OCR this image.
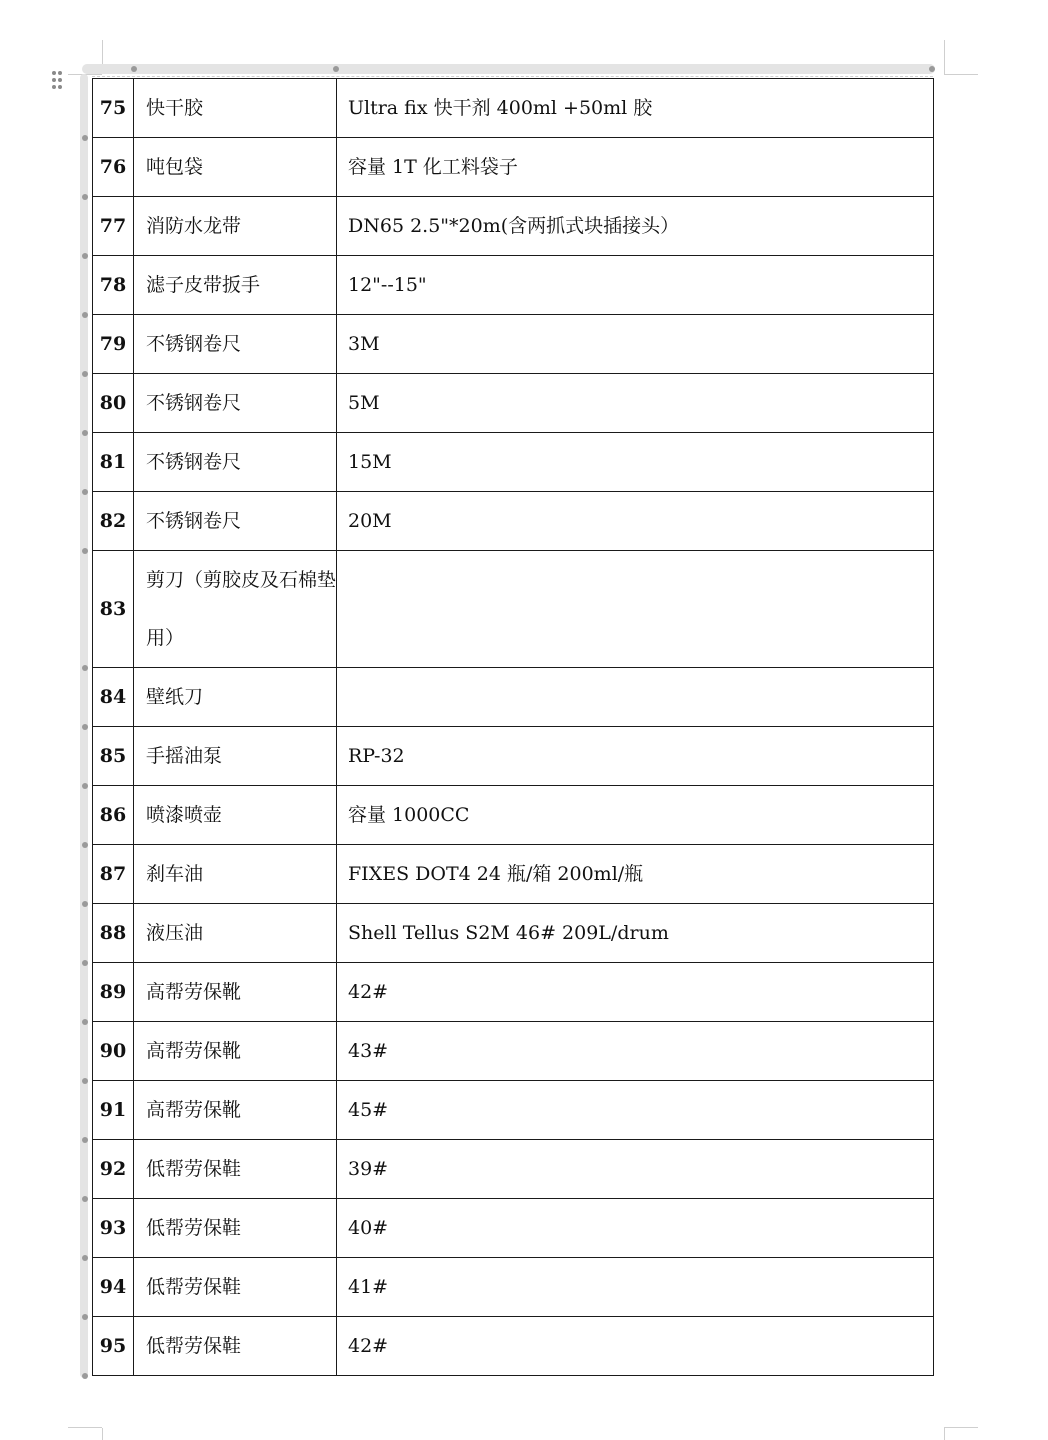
75	快干胶	Ultra fix 快干剂 400ml +50ml 胶
76	吨包袋	容量 1T 化工料袋子
77	消防水龙带	DN65 2.5"*20m(含两抓式块插接头）
78	滤子皮带扳手	12"--15"
79	不锈钢卷尺	3M
80	不锈钢卷尺	5M
81	不锈钢卷尺	15M
82	不锈钢卷尺	20M
83	剪刀（剪胶皮及石棉垫用）	
84	壁纸刀	
85	手摇油泵	RP-32
86	喷漆喷壶	容量 1000CC
87	刹车油	FIXES DOT4 24 瓶/箱 200ml/瓶
88	液压油	Shell Tellus S2M 46# 209L/drum
89	高帮劳保靴	42#
90	高帮劳保靴	43#
91	高帮劳保靴	45#
92	低帮劳保鞋	39#
93	低帮劳保鞋	40#
94	低帮劳保鞋	41#
95	低帮劳保鞋	42#
